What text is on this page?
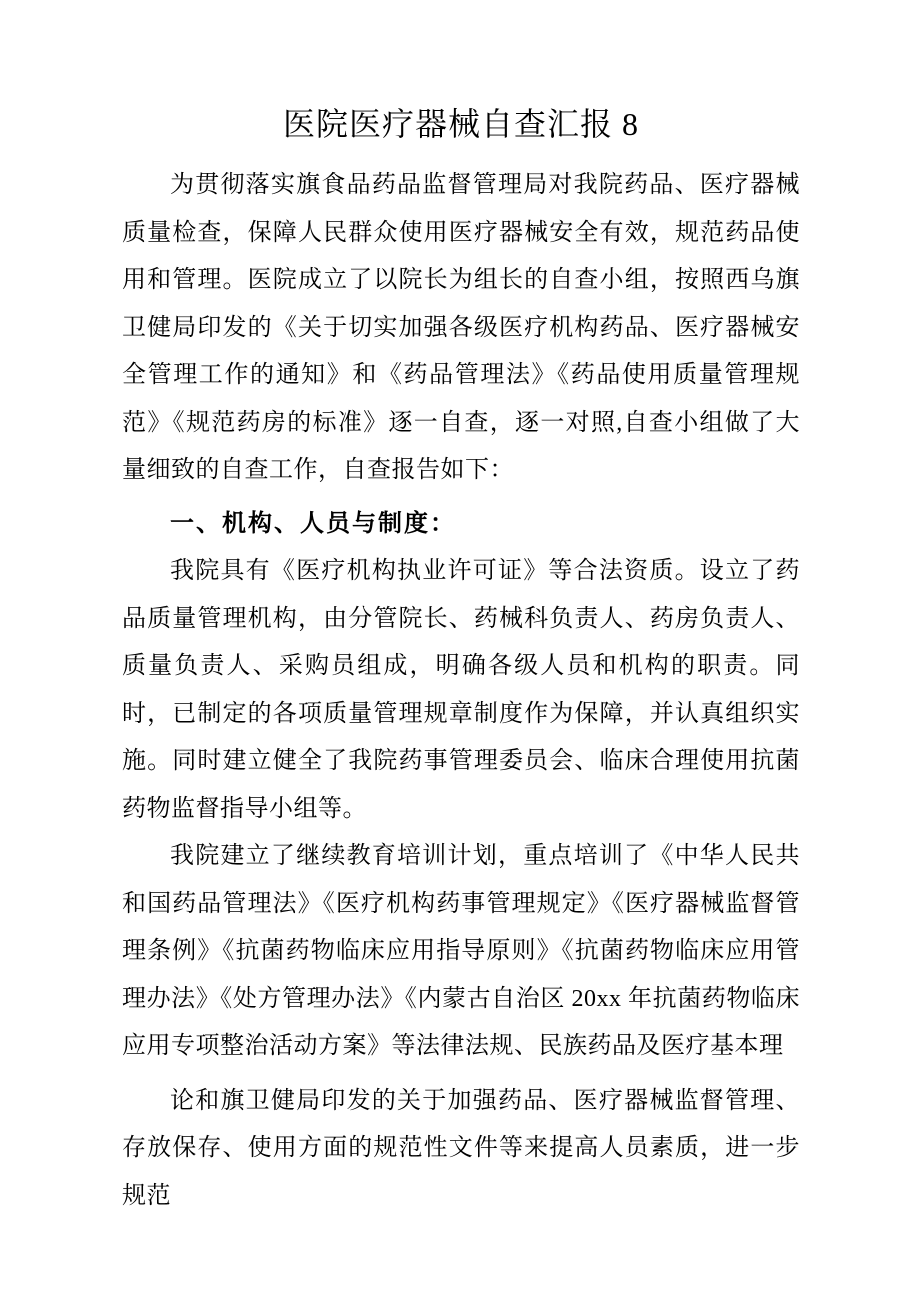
医院医疗器械自查汇报 8

为贯彻落实旗食品药品监督管理局对我院药品、医疗器械质量检查，保障人民群众使用医疗器械安全有效，规范药品使用和管理。医院成立了以院长为组长的自查小组，按照西乌旗卫健局印发的《关于切实加强各级医疗机构药品、医疗器械安全管理工作的通知》和《药品管理法》《药品使用质量管理规范》《规范药房的标准》逐一自查，逐一对照,自查小组做了大量细致的自查工作，自查报告如下：

一、机构、人员与制度：

我院具有《医疗机构执业许可证》等合法资质。设立了药品质量管理机构，由分管院长、药械科负责人、药房负责人、质量负责人、采购员组成，明确各级人员和机构的职责。同时，已制定的各项质量管理规章制度作为保障，并认真组织实施。同时建立健全了我院药事管理委员会、临床合理使用抗菌药物监督指导小组等。

我院建立了继续教育培训计划，重点培训了《中华人民共和国药品管理法》《医疗机构药事管理规定》《医疗器械监督管理条例》《抗菌药物临床应用指导原则》《抗菌药物临床应用管理办法》《处方管理办法》《内蒙古自治区 20xx 年抗菌药物临床应用专项整治活动方案》等法律法规、民族药品及医疗基本理

论和旗卫健局印发的关于加强药品、医疗器械监督管理、存放保存、使用方面的规范性文件等来提高人员素质，进一步规范
